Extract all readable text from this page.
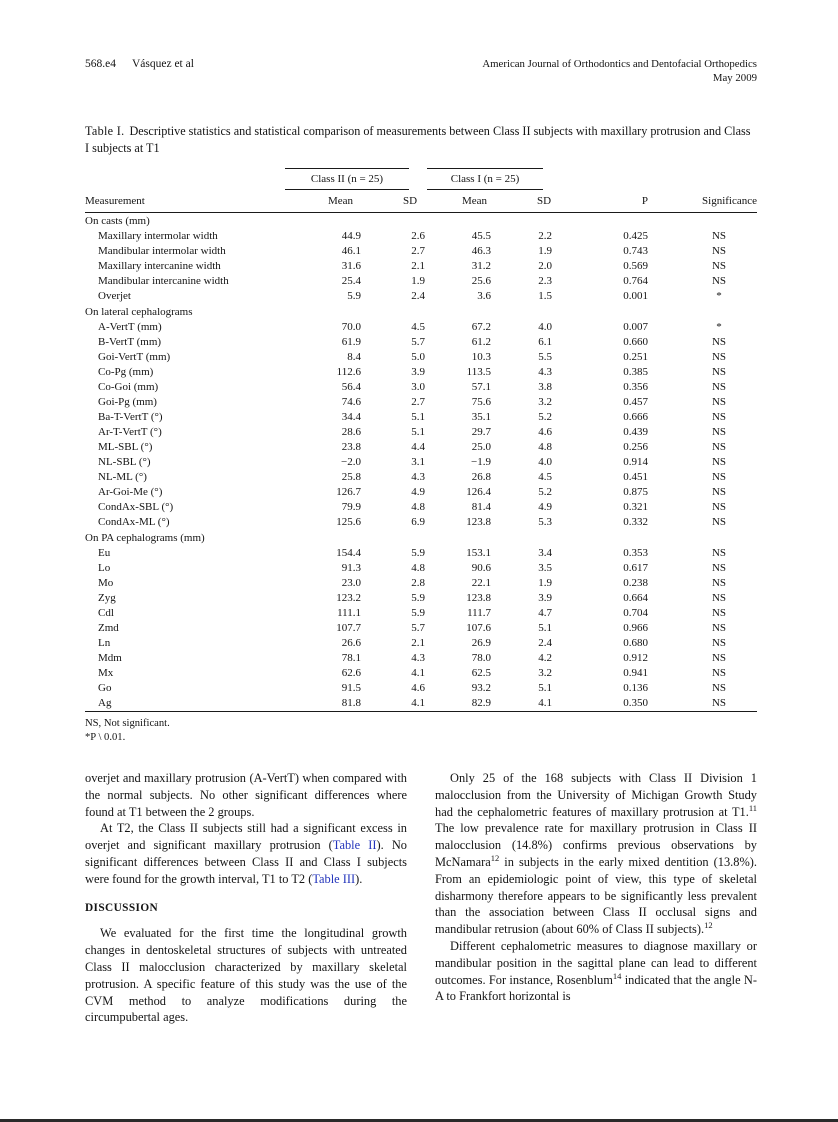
568.e4 Vásquez et al	American Journal of Orthodontics and Dentofacial Orthopedics
May 2009
Table I. Descriptive statistics and statistical comparison of measurements between Class II subjects with maxillary protrusion and Class I subjects at T1

	Class II (n = 25)		Class I (n = 25)			

Measurement	Mean	SD	Mean	SD	P	Significance
On casts (mm)						
Maxillary intermolar width	44.9	2.6	45.5	2.2	0.425	NS
Mandibular intermolar width	46.1	2.7	46.3	1.9	0.743	NS
Maxillary intercanine width	31.6	2.1	31.2	2.0	0.569	NS
Mandibular intercanine width	25.4	1.9	25.6	2.3	0.764	NS
Overjet	5.9	2.4	3.6	1.5	0.001	*
On lateral cephalograms						
A-VertT (mm)	70.0	4.5	67.2	4.0	0.007	*
B-VertT (mm)	61.9	5.7	61.2	6.1	0.660	NS
Goi-VertT (mm)	8.4	5.0	10.3	5.5	0.251	NS
Co-Pg (mm)	112.6	3.9	113.5	4.3	0.385	NS
Co-Goi (mm)	56.4	3.0	57.1	3.8	0.356	NS
Goi-Pg (mm)	74.6	2.7	75.6	3.2	0.457	NS
Ba-T-VertT (°)	34.4	5.1	35.1	5.2	0.666	NS
Ar-T-VertT (°)	28.6	5.1	29.7	4.6	0.439	NS
ML-SBL (°)	23.8	4.4	25.0	4.8	0.256	NS
NL-SBL (°)	−2.0	3.1	−1.9	4.0	0.914	NS
NL-ML (°)	25.8	4.3	26.8	4.5	0.451	NS
Ar-Goi-Me (°)	126.7	4.9	126.4	5.2	0.875	NS
CondAx-SBL (°)	79.9	4.8	81.4	4.9	0.321	NS
CondAx-ML (°)	125.6	6.9	123.8	5.3	0.332	NS
On PA cephalograms (mm)						
Eu	154.4	5.9	153.1	3.4	0.353	NS
Lo	91.3	4.8	90.6	3.5	0.617	NS
Mo	23.0	2.8	22.1	1.9	0.238	NS
Zyg	123.2	5.9	123.8	3.9	0.664	NS
Cdl	111.1	5.9	111.7	4.7	0.704	NS
Zmd	107.7	5.7	107.6	5.1	0.966	NS
Ln	26.6	2.1	26.9	2.4	0.680	NS
Mdm	78.1	4.3	78.0	4.2	0.912	NS
Mx	62.6	4.1	62.5	3.2	0.941	NS
Go	91.5	4.6	93.2	5.1	0.136	NS
Ag	81.8	4.1	82.9	4.1	0.350	NS
NS, Not significant.
*P \ 0.01.

overjet and maxillary protrusion (A-VertT) when compared with the normal subjects. No other significant differences where found at T1 between the 2 groups.

At T2, the Class II subjects still had a significant excess in overjet and significant maxillary protrusion (Table II). No significant differences between Class II and Class I subjects were found for the growth interval, T1 to T2 (Table III).

DISCUSSION

We evaluated for the first time the longitudinal growth changes in dentoskeletal structures of subjects with untreated Class II malocclusion characterized by maxillary skeletal protrusion. A specific feature of this study was the use of the CVM method to analyze modifications during the circumpubertal ages.

Only 25 of the 168 subjects with Class II Division 1 malocclusion from the University of Michigan Growth Study had the cephalometric features of maxillary protrusion at T1.11 The low prevalence rate for maxillary protrusion in Class II malocclusion (14.8%) confirms previous observations by McNamara$^{12}$ in subjects in the early mixed dentition (13.8%). From an epidemiologic point of view, this type of skeletal disharmony therefore appears to be significantly less prevalent than the association between Class II occlusal signs and mandibular retrusion (about 60% of Class II subjects).$^{12}$

Different cephalometric measures to diagnose maxillary or mandibular position in the sagittal plane can lead to different outcomes. For instance, Rosenblum$^{14}$ indicated that the angle N-A to Frankfort horizontal is
